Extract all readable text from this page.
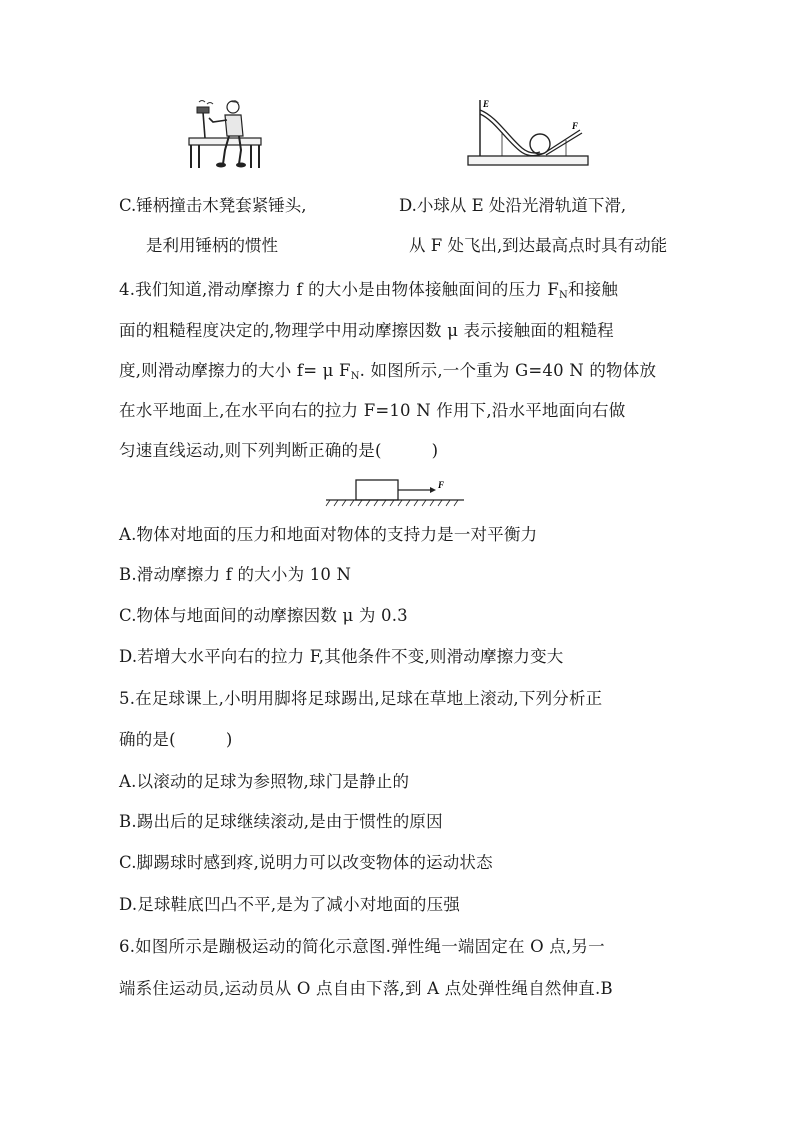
E
F
C.锤柄撞击木凳套紧锤头,	D.小球从 E 处沿光滑轨道下滑,
是利用锤柄的惯性	从 F 处飞出,到达最高点时具有动能
4.我们知道,滑动摩擦力 f 的大小是由物体接触面间的压力 $F_N$和接触
面的粗糙程度决定的,物理学中用动摩擦因数 μ 表示接触面的粗糙程
度,则滑动摩擦力的大小 f= μ $F_N$. 如图所示,一个重为 G=40 N 的物体放
在水平地面上,在水平向右的拉力 F=10 N 作用下,沿水平地面向右做
匀速直线运动,则下列判断正确的是(　　　)
F
A.物体对地面的压力和地面对物体的支持力是一对平衡力
B.滑动摩擦力 f 的大小为 10 N
C.物体与地面间的动摩擦因数 μ 为 0.3
D.若增大水平向右的拉力 F,其他条件不变,则滑动摩擦力变大
5.在足球课上,小明用脚将足球踢出,足球在草地上滚动,下列分析正
确的是(　　　)
A.以滚动的足球为参照物,球门是静止的
B.踢出后的足球继续滚动,是由于惯性的原因
C.脚踢球时感到疼,说明力可以改变物体的运动状态
D.足球鞋底凹凸不平,是为了减小对地面的压强
6.如图所示是蹦极运动的简化示意图.弹性绳一端固定在 O 点,另一
端系住运动员,运动员从 O 点自由下落,到 A 点处弹性绳自然伸直.B
